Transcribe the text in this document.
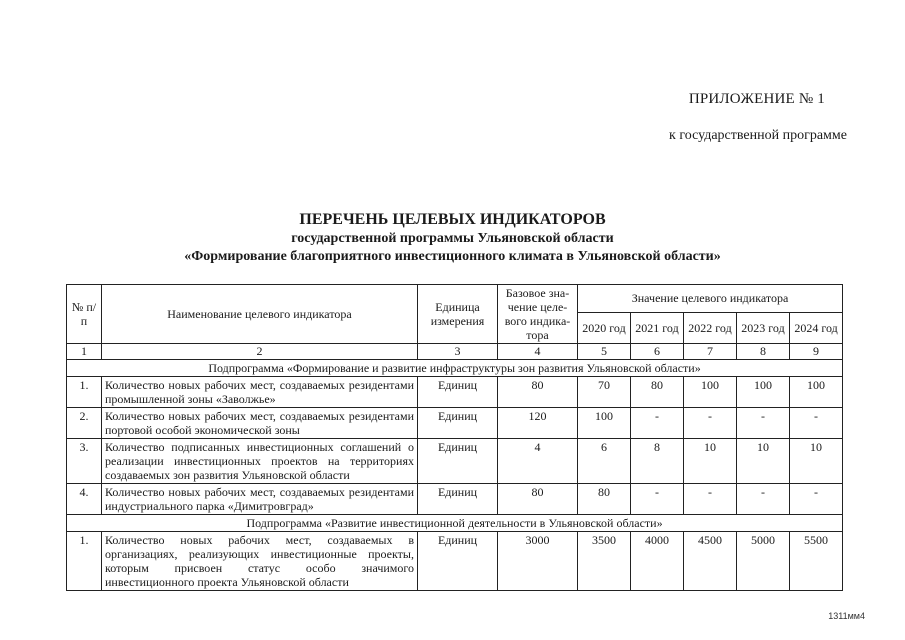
ПРИЛОЖЕНИЕ № 1
к государственной программе
ПЕРЕЧЕНЬ ЦЕЛЕВЫХ ИНДИКАТОРОВ
государственной программы Ульяновской области
«Формирование благоприятного инвестиционного климата в Ульяновской области»
№ п/п	Наименование целевого индикатора	Единица измерения	Базовое зна-чение целе-вого индика-тора	Значение целевого индикатора				
				2020 год	2021 год	2022 год	2023 год	2024 год
1	2	3	4	5	6	7	8	9
Подпрограмма «Формирование и развитие инфраструктуры зон развития Ульяновской области»								
1.	Количество новых рабочих мест, создаваемых резидентами промышленной зоны «Заволжье»	Единиц	80	70	80	100	100	100
2.	Количество новых рабочих мест, создаваемых резидентами портовой особой экономической зоны	Единиц	120	100	-	-	-	-
3.	Количество подписанных инвестиционных соглашений о реализации инвестиционных проектов на территориях создаваемых зон развития Ульяновской области	Единиц	4	6	8	10	10	10
4.	Количество новых рабочих мест, создаваемых резидентами индустриального парка «Димитровград»	Единиц	80	80	-	-	-	-
Подпрограмма «Развитие инвестиционной деятельности в Ульяновской области»								
1.	Количество новых рабочих мест, создаваемых в организациях, реализующих инвестиционные проекты, которым присвоен статус особо значимого инвестиционного проекта Ульяновской области	Единиц	3000	3500	4000	4500	5000	5500
1311мм4
